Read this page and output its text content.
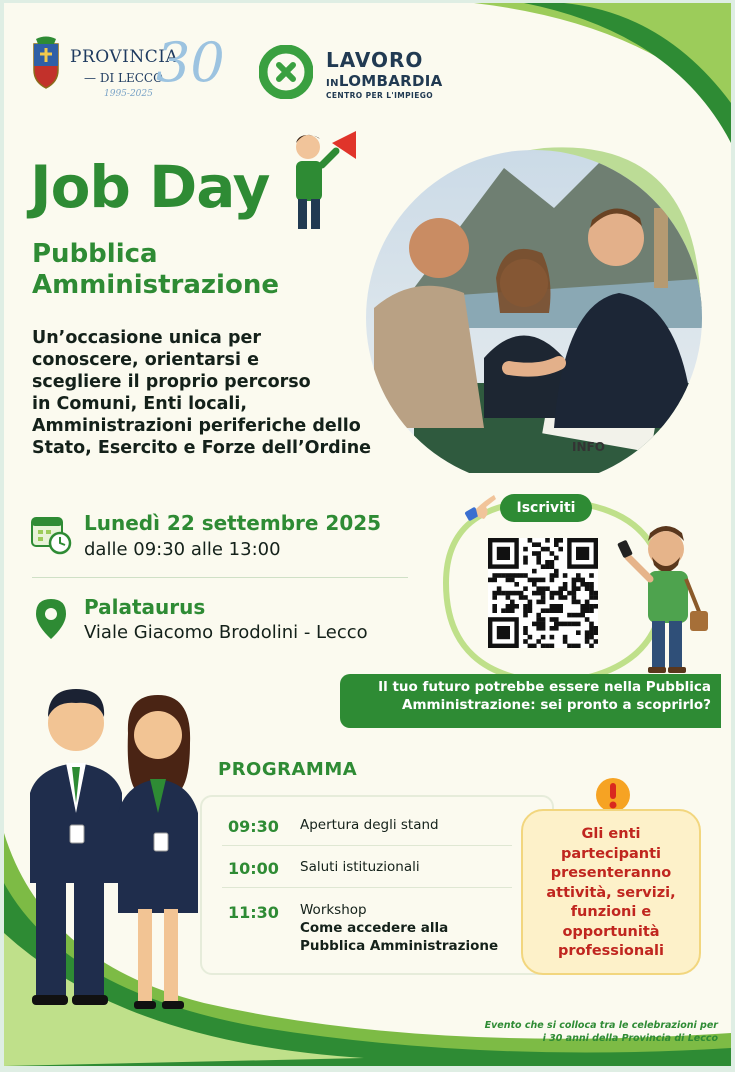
PROVINCIA
— DI LECCO
1995-2025 30	LAVORO
INLOMBARDIA
CENTRO PER L'IMPIEGO
Job Day
Pubblica
Amministrazione
Un’occasione unica per
conoscere, orientarsi e
scegliere il proprio percorso
in Comuni, Enti locali,
Amministrazioni periferiche dello
Stato, Esercito e Forze dell’Ordine	INFO
Lunedì 22 settembre 2025
dalle 09:30 alle 13:00
Palataurus
Viale Giacomo Brodolini - Lecco
Iscriviti
Il tuo futuro potrebbe essere nella Pubblica
Amministrazione: sei pronto a scoprirlo?
PROGRAMMA
09:30 Apertura degli stand
10:00 Saluti istituzionali
11:30 Workshop
Come accedere alla
Pubblica Amministrazione
Gli enti
partecipanti
presenteranno
attività, servizi,
funzioni e
opportunità
professionali
Evento che si colloca tra le celebrazioni per
i 30 anni della Provincia di Lecco
